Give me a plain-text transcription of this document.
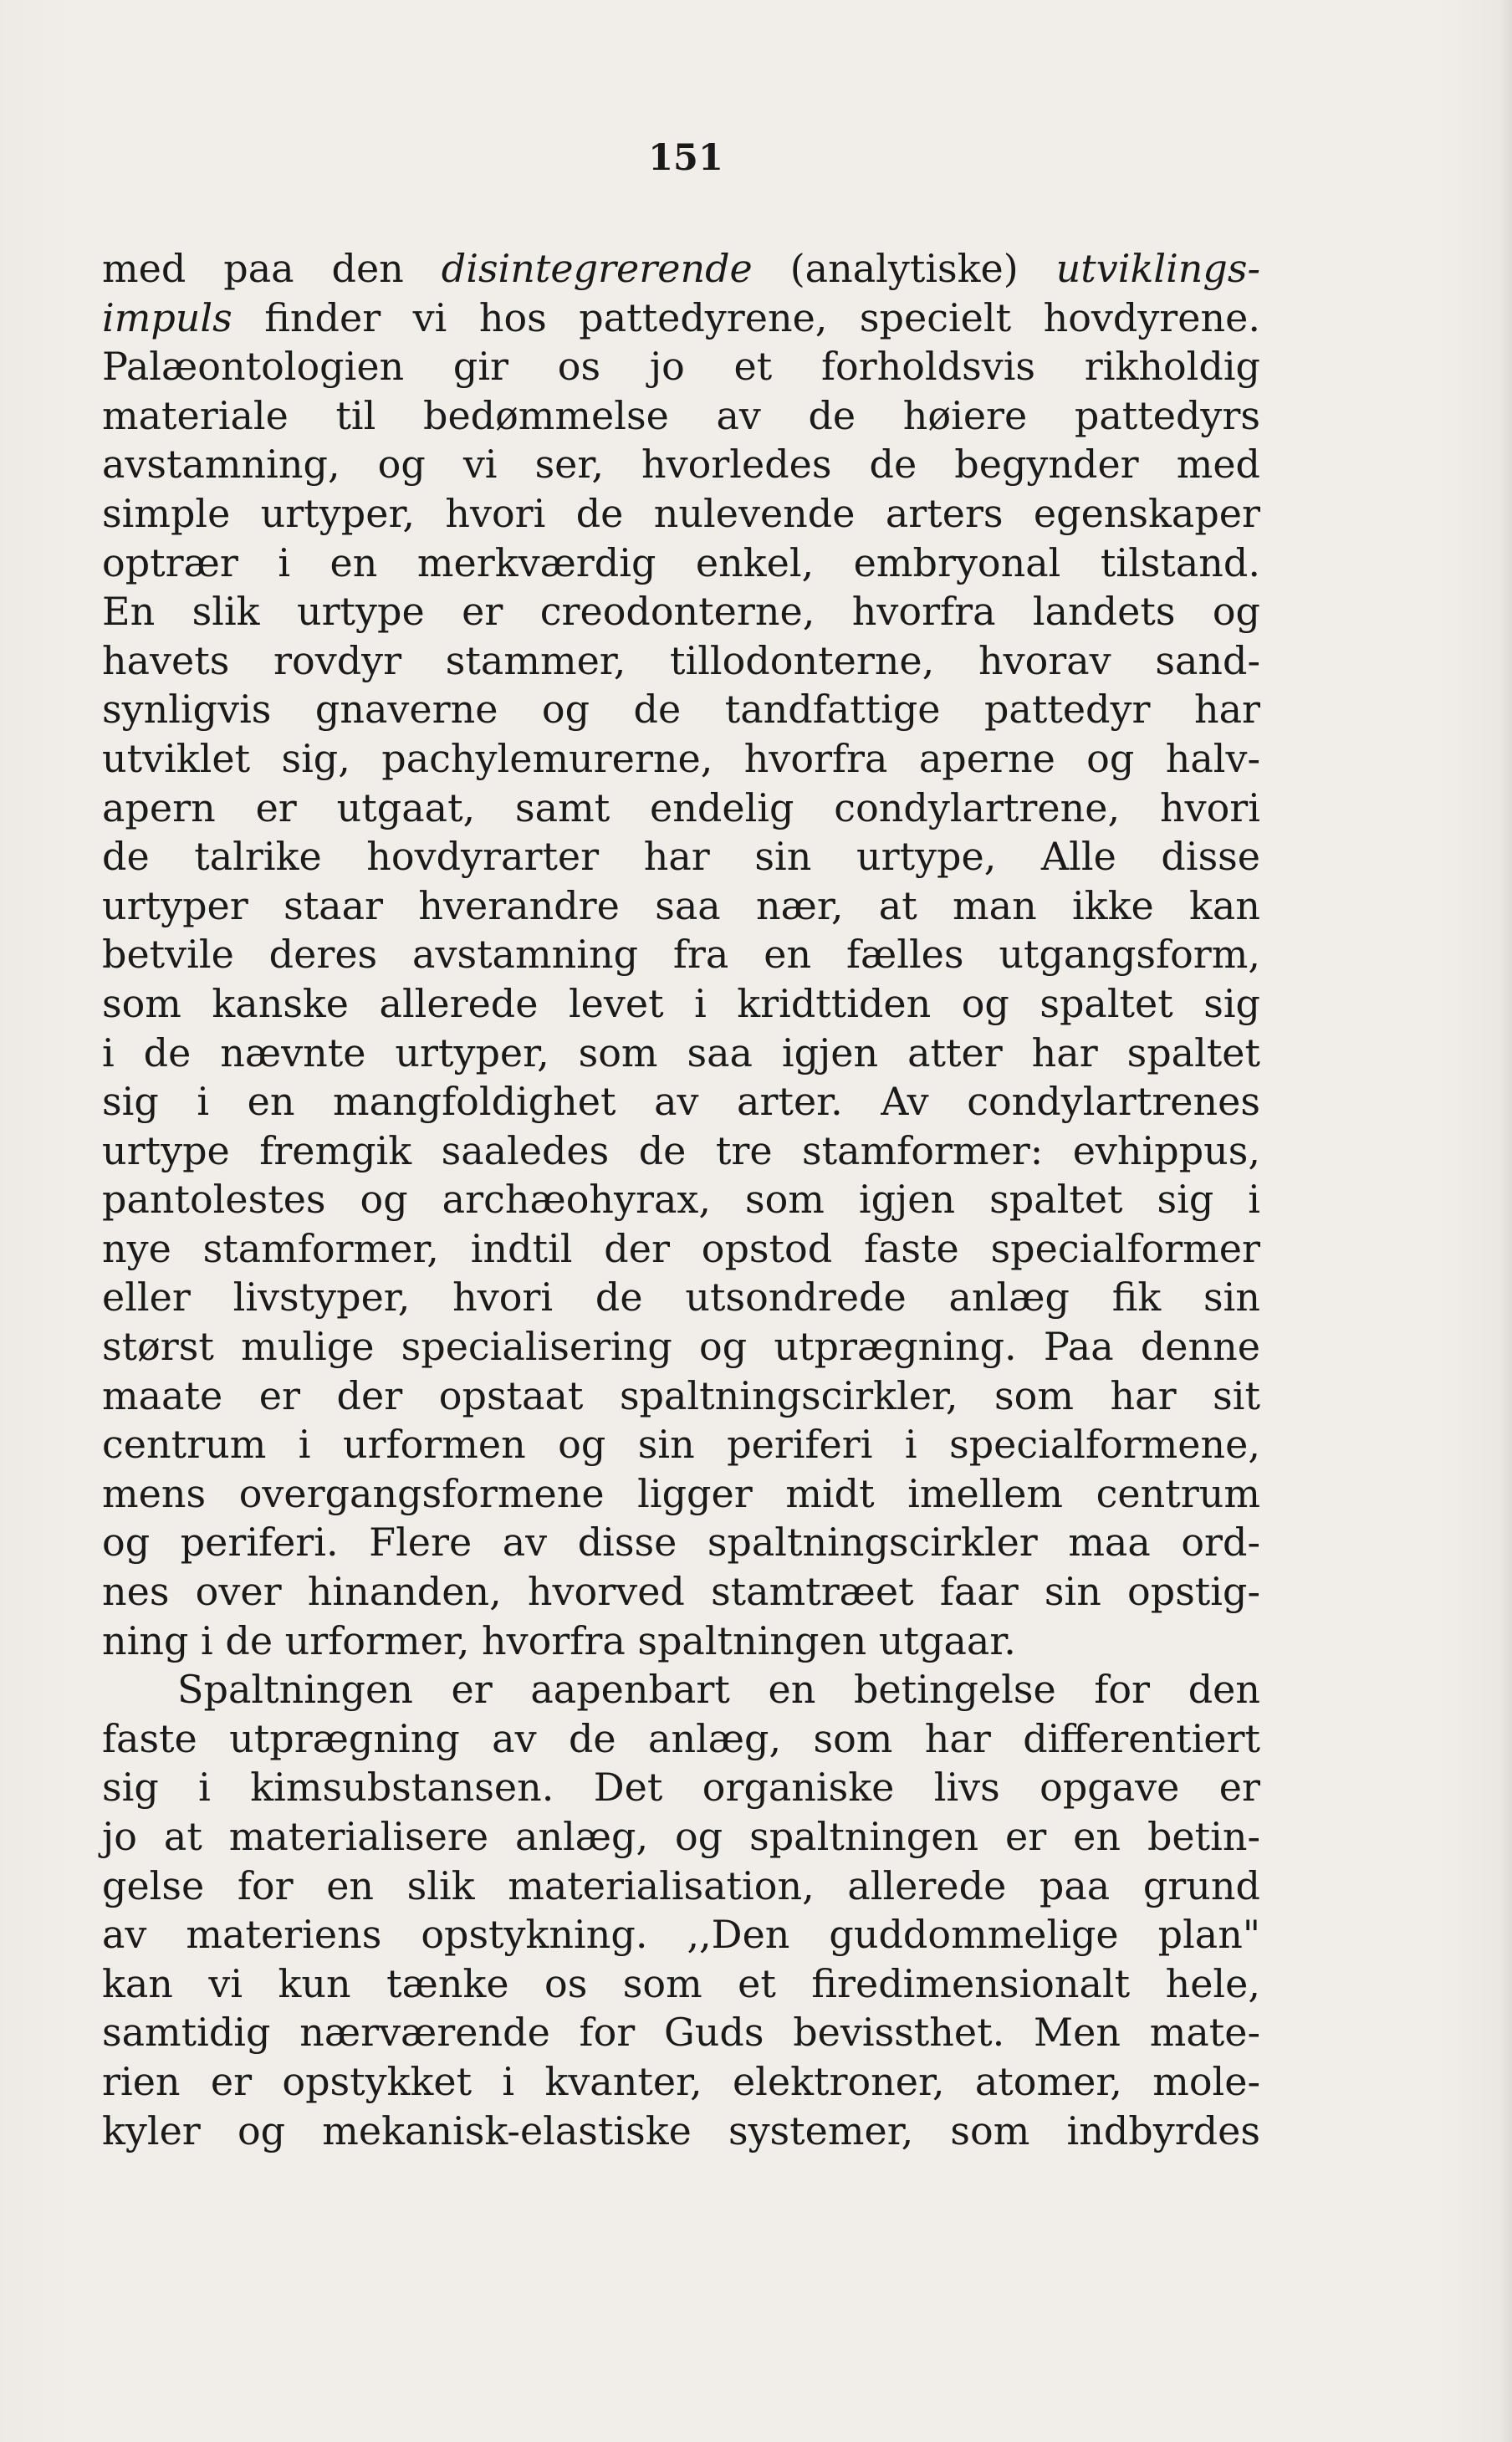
151
med paa den disintegrerende (analytiske) utviklings-
impuls finder vi hos pattedyrene, specielt hovdyrene.
Palæontologien gir os jo et forholdsvis rikholdig
materiale til bedømmelse av de høiere pattedyrs
avstamning, og vi ser, hvorledes de begynder med
simple urtyper, hvori de nulevende arters egenskaper
optrær i en merkværdig enkel, embryonal tilstand.
En slik urtype er creodonterne, hvorfra landets og
havets rovdyr stammer, tillodonterne, hvorav sand-
synligvis gnaverne og de tandfattige pattedyr har
utviklet sig, pachylemurerne, hvorfra aperne og halv-
apern er utgaat, samt endelig condylartrene, hvori
de talrike hovdyrarter har sin urtype, Alle disse
urtyper staar hverandre saa nær, at man ikke kan
betvile deres avstamning fra en fælles utgangsform,
som kanske allerede levet i kridttiden og spaltet sig
i de nævnte urtyper, som saa igjen atter har spaltet
sig i en mangfoldighet av arter. Av condylartrenes
urtype fremgik saaledes de tre stamformer: evhippus,
pantolestes og archæohyrax, som igjen spaltet sig i
nye stamformer, indtil der opstod faste specialformer
eller livstyper, hvori de utsondrede anlæg fik sin
størst mulige specialisering og utprægning. Paa denne
maate er der opstaat spaltningscirkler, som har sit
centrum i urformen og sin periferi i specialformene,
mens overgangsformene ligger midt imellem centrum
og periferi. Flere av disse spaltningscirkler maa ord-
nes over hinanden, hvorved stamtræet faar sin opstig-
ning i de urformer, hvorfra spaltningen utgaar.
Spaltningen er aapenbart en betingelse for den
faste utprægning av de anlæg, som har differentiert
sig i kimsubstansen. Det organiske livs opgave er
jo at materialisere anlæg, og spaltningen er en betin-
gelse for en slik materialisation, allerede paa grund
av materiens opstykning. ,,Den guddommelige plan"
kan vi kun tænke os som et firedimensionalt hele,
samtidig nærværende for Guds bevissthet. Men mate-
rien er opstykket i kvanter, elektroner, atomer, mole-
kyler og mekanisk-elastiske systemer, som indbyrdes
